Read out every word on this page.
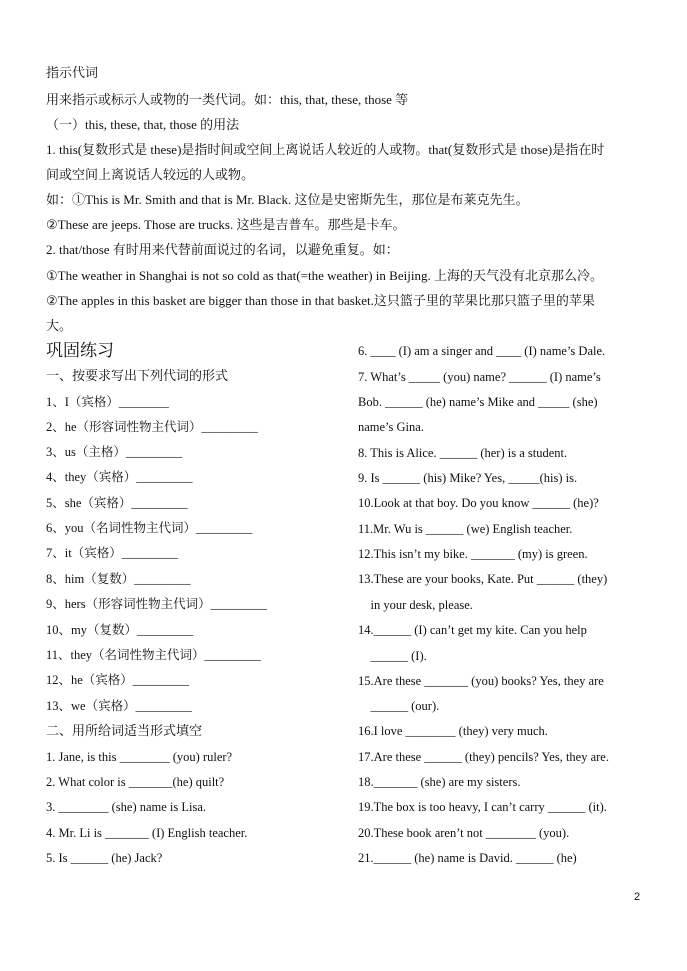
指示代词
用来指示或标示人或物的一类代词。如：this, that, these, those 等
（一）this, these, that, those 的用法
1. this(复数形式是 these)是指时间或空间上离说话人较近的人或物。that(复数形式是 those)是指在时
间或空间上离说话人较远的人或物。
如：①This is Mr. Smith and that is Mr. Black. 这位是史密斯先生，那位是布莱克先生。
②These are jeeps. Those are trucks. 这些是吉普车。那些是卡车。
2. that/those 有时用来代替前面说过的名词，以避免重复。如：
①The weather in Shanghai is not so cold as that(=the weather) in Beijing. 上海的天气没有北京那么冷。
②The apples in this basket are bigger than those in that basket.这只篮子里的苹果比那只篮子里的苹果
大。
巩固练习
一、按要求写出下列代词的形式
1、I（宾格）________
2、he（形容词性物主代词）_________
3、us（主格）_________
4、they（宾格）_________
5、she（宾格）_________
6、you（名词性物主代词）_________
7、it（宾格）_________
8、him（复数）_________
9、hers（形容词性物主代词）_________
10、my（复数）_________
11、they（名词性物主代词）_________
12、he（宾格）_________
13、we（宾格）_________
二、用所给词适当形式填空
1. Jane, is this ________ (you) ruler?
2. What color is _______(he) quilt?
3. ________ (she) name is Lisa.
4. Mr. Li is _______ (I) English teacher.
5. Is ______ (he) Jack?
6. ____ (I) am a singer and ____ (I) name’s Dale.
7. What’s _____ (you) name? ______ (I) name’s
Bob. ______ (he) name’s Mike and _____ (she)
name’s Gina.
8. This is Alice. ______ (her) is a student.
9. Is ______ (his) Mike? Yes, _____(his) is.
10.Look at that boy. Do you know ______ (he)?
11.Mr. Wu is ______ (we) English teacher.
12.This isn’t my bike. _______ (my) is green.
13.These are your books, Kate. Put ______ (they)
in your desk, please.
14.______ (I) can’t get my kite. Can you help
______ (I).
15.Are these _______ (you) books? Yes, they are
______ (our).
16.I love ________ (they) very much.
17.Are these ______ (they) pencils? Yes, they are.
18._______ (she) are my sisters.
19.The box is too heavy, I can’t carry ______ (it).
20.These book aren’t not ________ (you).
21.______ (he) name is David. ______ (he)
2
